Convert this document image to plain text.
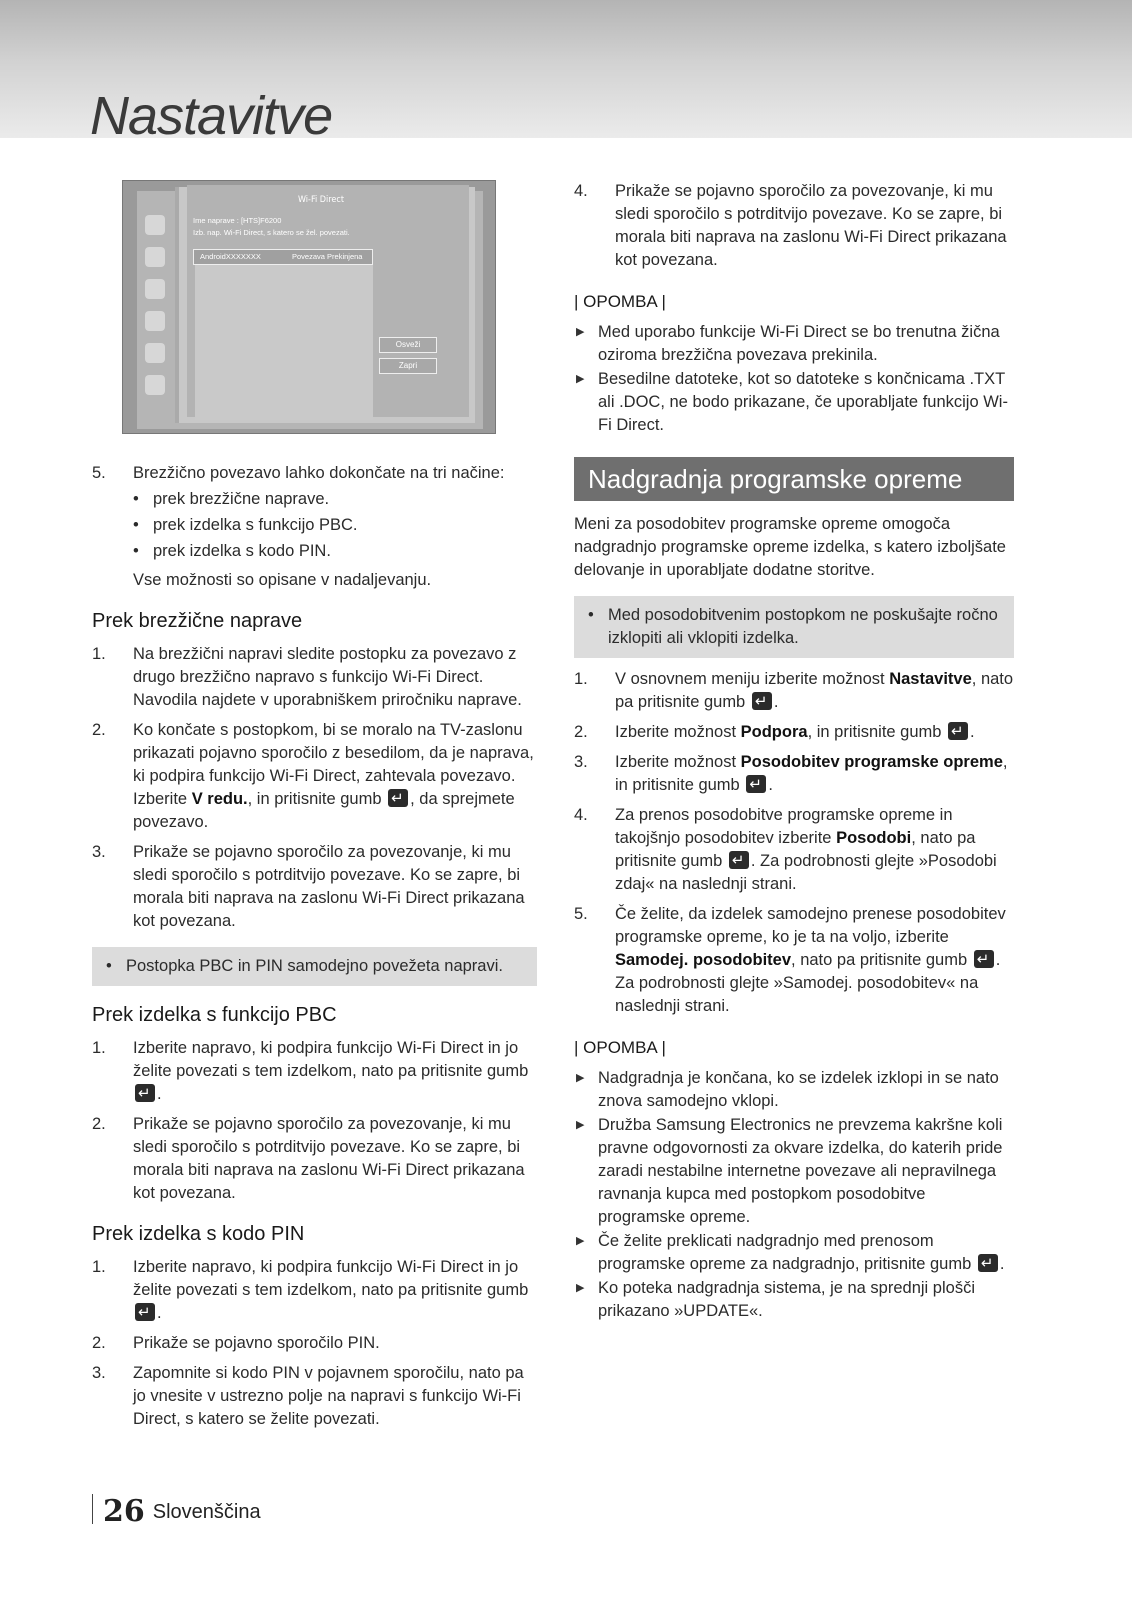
Nastavitve
Wi-Fi Direct
Ime naprave : [HTS]F6200
Izb. nap. Wi-Fi Direct, s katero se žel. povezati.
AndroidXXXXXXX	Povezava Prekinjena
Osveži
Zapri
5. Brezžično povezavo lahko dokončate na tri načine:
• prek brezžične naprave.
• prek izdelka s funkcijo PBC.
• prek izdelka s kodo PIN.
Vse možnosti so opisane v nadaljevanju.
Prek brezžične naprave
1. Na brezžični napravi sledite postopku za povezavo z drugo brezžično napravo s funkcijo Wi-Fi Direct. Navodila najdete v uporabniškem priročniku naprave.
2. Ko končate s postopkom, bi se moralo na TV-zaslonu prikazati pojavno sporočilo z besedilom, da je naprava, ki podpira funkcijo Wi-Fi Direct, zahtevala povezavo. Izberite V redu., in pritisnite gumb ↵, da sprejmete povezavo.
3. Prikaže se pojavno sporočilo za povezovanje, ki mu sledi sporočilo s potrditvijo povezave. Ko se zapre, bi morala biti naprava na zaslonu Wi-Fi Direct prikazana kot povezana.
• Postopka PBC in PIN samodejno povežeta napravi.
Prek izdelka s funkcijo PBC
1. Izberite napravo, ki podpira funkcijo Wi-Fi Direct in jo želite povezati s tem izdelkom, nato pa pritisnite gumb ↵.
2. Prikaže se pojavno sporočilo za povezovanje, ki mu sledi sporočilo s potrditvijo povezave. Ko se zapre, bi morala biti naprava na zaslonu Wi-Fi Direct prikazana kot povezana.
Prek izdelka s kodo PIN
1. Izberite napravo, ki podpira funkcijo Wi-Fi Direct in jo želite povezati s tem izdelkom, nato pa pritisnite gumb ↵.
2. Prikaže se pojavno sporočilo PIN.
3. Zapomnite si kodo PIN v pojavnem sporočilu, nato pa jo vnesite v ustrezno polje na napravi s funkcijo Wi-Fi Direct, s katero se želite povezati.
4. Prikaže se pojavno sporočilo za povezovanje, ki mu sledi sporočilo s potrditvijo povezave. Ko se zapre, bi morala biti naprava na zaslonu Wi-Fi Direct prikazana kot povezana.
| OPOMBA |
▶ Med uporabo funkcije Wi-Fi Direct se bo trenutna žična oziroma brezžična povezava prekinila.
▶ Besedilne datoteke, kot so datoteke s končnicama .TXT ali .DOC, ne bodo prikazane, če uporabljate funkcijo Wi-Fi Direct.
Nadgradnja programske opreme

Meni za posodobitev programske opreme omogoča nadgradnjo programske opreme izdelka, s katero izboljšate delovanje in uporabljate dodatne storitve.

• Med posodobitvenim postopkom ne poskušajte ročno izklopiti ali vklopiti izdelka.
1. V osnovnem meniju izberite možnost Nastavitve, nato pa pritisnite gumb ↵.
2. Izberite možnost Podpora, in pritisnite gumb ↵.
3. Izberite možnost Posodobitev programske opreme, in pritisnite gumb ↵.
4. Za prenos posodobitve programske opreme in takojšnjo posodobitev izberite Posodobi, nato pa pritisnite gumb ↵. Za podrobnosti glejte »Posodobi zdaj« na naslednji strani.
5. Če želite, da izdelek samodejno prenese posodobitev programske opreme, ko je ta na voljo, izberite Samodej. posodobitev, nato pa pritisnite gumb ↵. Za podrobnosti glejte »Samodej. posodobitev« na naslednji strani.
| OPOMBA |
▶ Nadgradnja je končana, ko se izdelek izklopi in se nato znova samodejno vklopi.
▶ Družba Samsung Electronics ne prevzema kakršne koli pravne odgovornosti za okvare izdelka, do katerih pride zaradi nestabilne internetne povezave ali nepravilnega ravnanja kupca med postopkom posodobitve programske opreme.
▶ Če želite preklicati nadgradnjo med prenosom programske opreme za nadgradnjo, pritisnite gumb ↵.
▶ Ko poteka nadgradnja sistema, je na sprednji plošči prikazano »UPDATE«.
26 Slovenščina
